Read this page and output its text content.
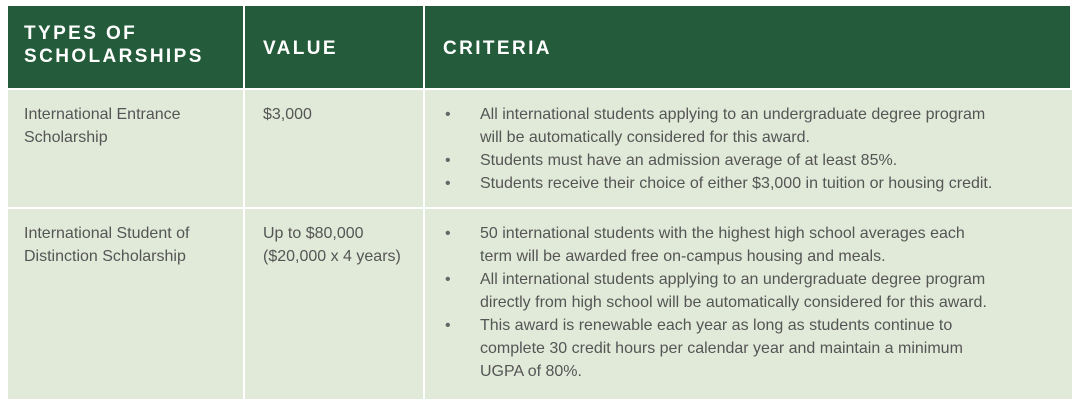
TYPES OF
SCHOLARSHIPS	VALUE	CRITERIA
International Entrance
Scholarship
$3,000
•	All international students applying to an undergraduate degree program
will be automatically considered for this award.
• Students must have an admission average of at least 85%.
• Students receive their choice of either $3,000 in tuition or housing credit.
International Student of
Distinction Scholarship
Up to $80,000
($20,000 x 4 years)
• 50 international students with the highest high school averages each
term will be awarded free on-campus housing and meals.
• All international students applying to an undergraduate degree program
directly from high school will be automatically considered for this award.
• This award is renewable each year as long as students continue to
complete 30 credit hours per calendar year and maintain a minimum
UGPA of 80%.
